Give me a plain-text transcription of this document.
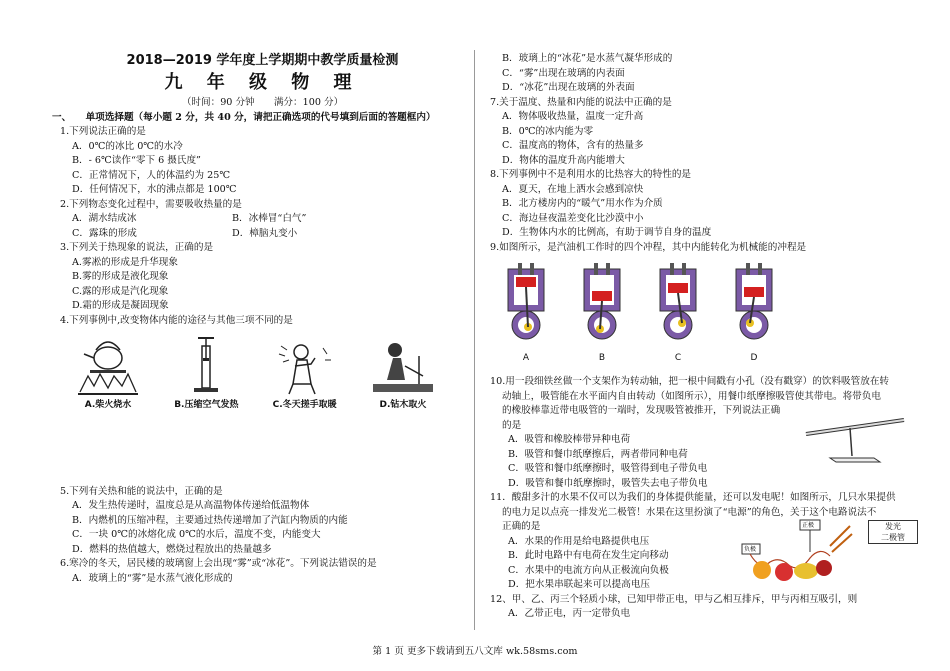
2018—2019 学年度上学期期中教学质量检测

九 年 级 物 理

（时间：90 分钟　　满分：100 分）

一、　　单项选择题（每小题 2 分，共 40 分，请把正确选项的代号填到后面的答题框内）

1.下列说法正确的是

A．0℃的冰比 0℃的水冷

B．- 6℃读作“零下 6 摄氏度”

C．正常情况下，人的体温约为 25℃

D．任何情况下，水的沸点都是 100℃

2.下列物态变化过程中，需要吸收热量的是

A．湖水结成冰	B．冰棒冒“白气”

C．露珠的形成	D．樟脑丸变小

3.下列关于热现象的说法，正确的是

A.雾凇的形成是升华现象

B.雾的形成是液化现象

C.露的形成是汽化现象

D.霜的形成是凝固现象

4.下列事例中,改变物体内能的途径与其他三项不同的是

A.柴火烧水	B.压缩空气发热	C.冬天搓手取暖	D.钻木取火

5.下列有关热和能的说法中，正确的是

A．发生热传递时，温度总是从高温物体传递给低温物体

B．内燃机的压缩冲程，主要通过热传递增加了汽缸内物质的内能

C．一块 0℃的冰熔化成 0℃的水后，温度不变，内能变大

D．燃料的热值越大，燃烧过程放出的热量越多

6.寒冷的冬天，居民楼的玻璃窗上会出现“雾”或“冰花”。下列说法错误的是

A．玻璃上的“雾”是水蒸气液化形成的

B．玻璃上的“冰花”是水蒸气凝华形成的

C．“雾”出现在玻璃的内表面

D．“冰花”出现在玻璃的外表面

7.关于温度、热量和内能的说法中正确的是

A．物体吸收热量，温度一定升高

B．0℃的冰内能为零

C．温度高的物体，含有的热量多

D．物体的温度升高内能增大

8.下列事例中不是利用水的比热容大的特性的是

A．夏天，在地上洒水会感到凉快

B．北方楼房内的“暖气”用水作为介质

C．海边昼夜温差变化比沙漠中小

D．生物体内水的比例高，有助于调节自身的温度

9.如图所示，是汽油机工作时的四个冲程，其中内能转化为机械能的冲程是

A	B	C	D

10.用一段细铁丝做一个支架作为转动轴，把一根中间戳有小孔（没有戳穿）的饮料吸管放在转

动轴上，吸管能在水平面内自由转动（如图所示），用餐巾纸摩擦吸管使其带电。将带负电

的橡胶棒靠近带电吸管的一端时，发现吸管被推开，下列说法正确

的是

A．吸管和橡胶棒带异种电荷

B．吸管和餐巾纸摩擦后，两者带同种电荷

C．吸管和餐巾纸摩擦时，吸管得到电子带负电

D．吸管和餐巾纸摩擦时，吸管失去电子带负电

11．酸甜多汁的水果不仅可以为我们的身体提供能量，还可以发电呢！如图所示，几只水果提供

的电力足以点亮一排发光二极管！水果在这里扮演了“电源”的角色，关于这个电路说法不

正确的是

A．水果的作用是给电路提供电压

B．此时电路中有电荷在发生定向移动

C．水果中的电流方向从正极流向负极

D．把水果串联起来可以提高电压

12、甲、乙、丙三个轻质小球，已知甲带正电，甲与乙相互排斥，甲与丙相互吸引，则

A．乙带正电，丙一定带负电

负极
正极	发光
二极管
第 1 页 更多下载请到五八文库 wk.58sms.com
